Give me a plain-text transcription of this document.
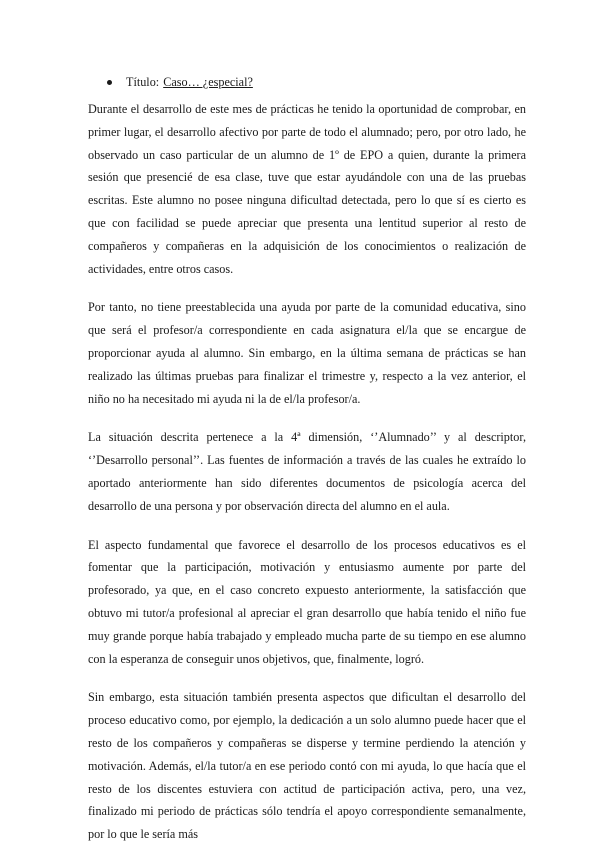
Título: Caso… ¿especial?

Durante el desarrollo de este mes de prácticas he tenido la oportunidad de comprobar, en primer lugar, el desarrollo afectivo por parte de todo el alumnado; pero, por otro lado, he observado un caso particular de un alumno de 1º de EPO a quien, durante la primera sesión que presencié de esa clase, tuve que estar ayudándole con una de las pruebas escritas. Este alumno no posee ninguna dificultad detectada, pero lo que sí es cierto es que con facilidad se puede apreciar que presenta una lentitud superior al resto de compañeros y compañeras en la adquisición de los conocimientos o realización de actividades, entre otros casos.

Por tanto, no tiene preestablecida una ayuda por parte de la comunidad educativa, sino que será el profesor/a correspondiente en cada asignatura el/la que se encargue de proporcionar ayuda al alumno. Sin embargo, en la última semana de prácticas se han realizado las últimas pruebas para finalizar el trimestre y, respecto a la vez anterior, el niño no ha necesitado mi ayuda ni la de el/la profesor/a.

La situación descrita pertenece a la 4ª dimensión, ‘’Alumnado’’ y al descriptor, ‘’Desarrollo personal’’. Las fuentes de información a través de las cuales he extraído lo aportado anteriormente han sido diferentes documentos de psicología acerca del desarrollo de una persona y por observación directa del alumno en el aula.

El aspecto fundamental que favorece el desarrollo de los procesos educativos es el fomentar que la participación, motivación y entusiasmo aumente por parte del profesorado, ya que, en el caso concreto expuesto anteriormente, la satisfacción que obtuvo mi tutor/a profesional al apreciar el gran desarrollo que había tenido el niño fue muy grande porque había trabajado y empleado mucha parte de su tiempo en ese alumno con la esperanza de conseguir unos objetivos, que, finalmente, logró.

Sin embargo, esta situación también presenta aspectos que dificultan el desarrollo del proceso educativo como, por ejemplo, la dedicación a un solo alumno puede hacer que el resto de los compañeros y compañeras se disperse y termine perdiendo la atención y motivación. Además, el/la tutor/a en ese periodo contó con mi ayuda, lo que hacía que el resto de los discentes estuviera con actitud de participación activa, pero, una vez, finalizado mi periodo de prácticas sólo tendría el apoyo correspondiente semanalmente, por lo que le sería más
